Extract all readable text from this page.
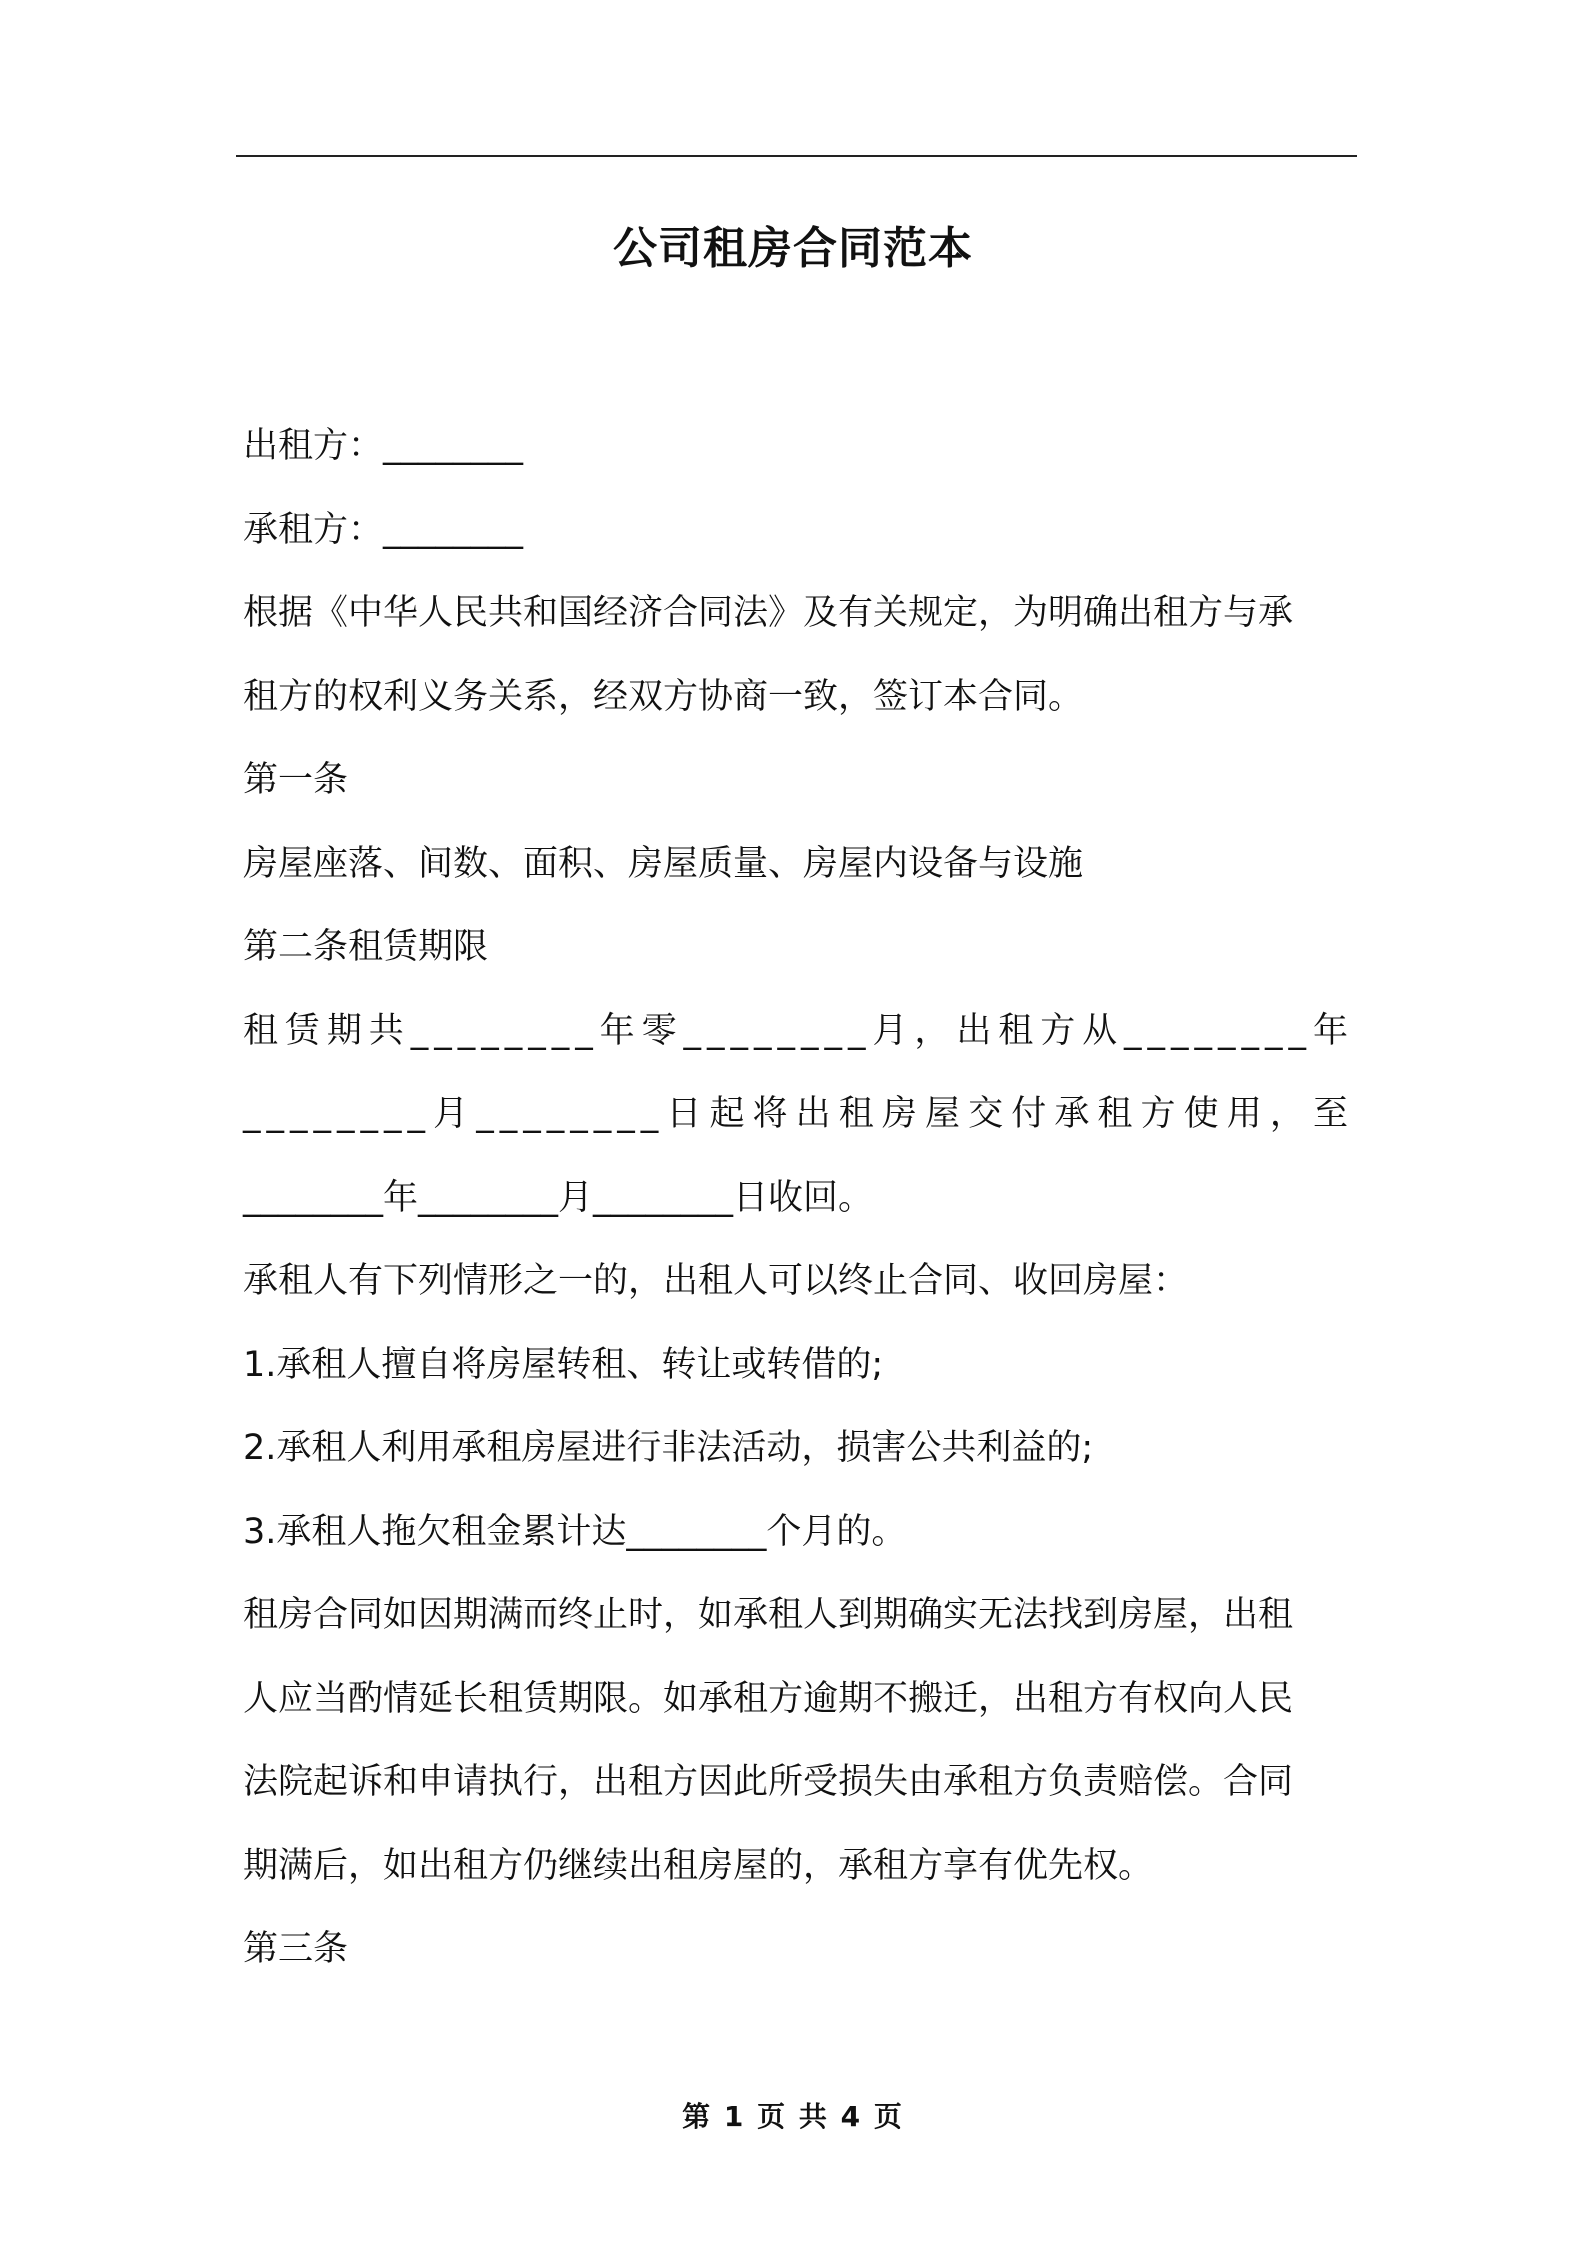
公司租房合同范本

出租方：________

承租方：________

根据《中华人民共和国经济合同法》及有关规定，为明确出租方与承

租方的权利义务关系，经双方协商一致，签订本合同。

第一条

房屋座落、间数、面积、房屋质量、房屋内设备与设施

第二条租赁期限

租赁期共________年零________月，出租方从________年

________月________日起将出租房屋交付承租方使用，至

________年________月________日收回。

承租人有下列情形之一的，出租人可以终止合同、收回房屋：

1.承租人擅自将房屋转租、转让或转借的;

2.承租人利用承租房屋进行非法活动，损害公共利益的;

3.承租人拖欠租金累计达________个月的。

租房合同如因期满而终止时，如承租人到期确实无法找到房屋，出租

人应当酌情延长租赁期限。如承租方逾期不搬迁，出租方有权向人民

法院起诉和申请执行，出租方因此所受损失由承租方负责赔偿。合同

期满后，如出租方仍继续出租房屋的，承租方享有优先权。

第三条

第 1 页 共 4 页
